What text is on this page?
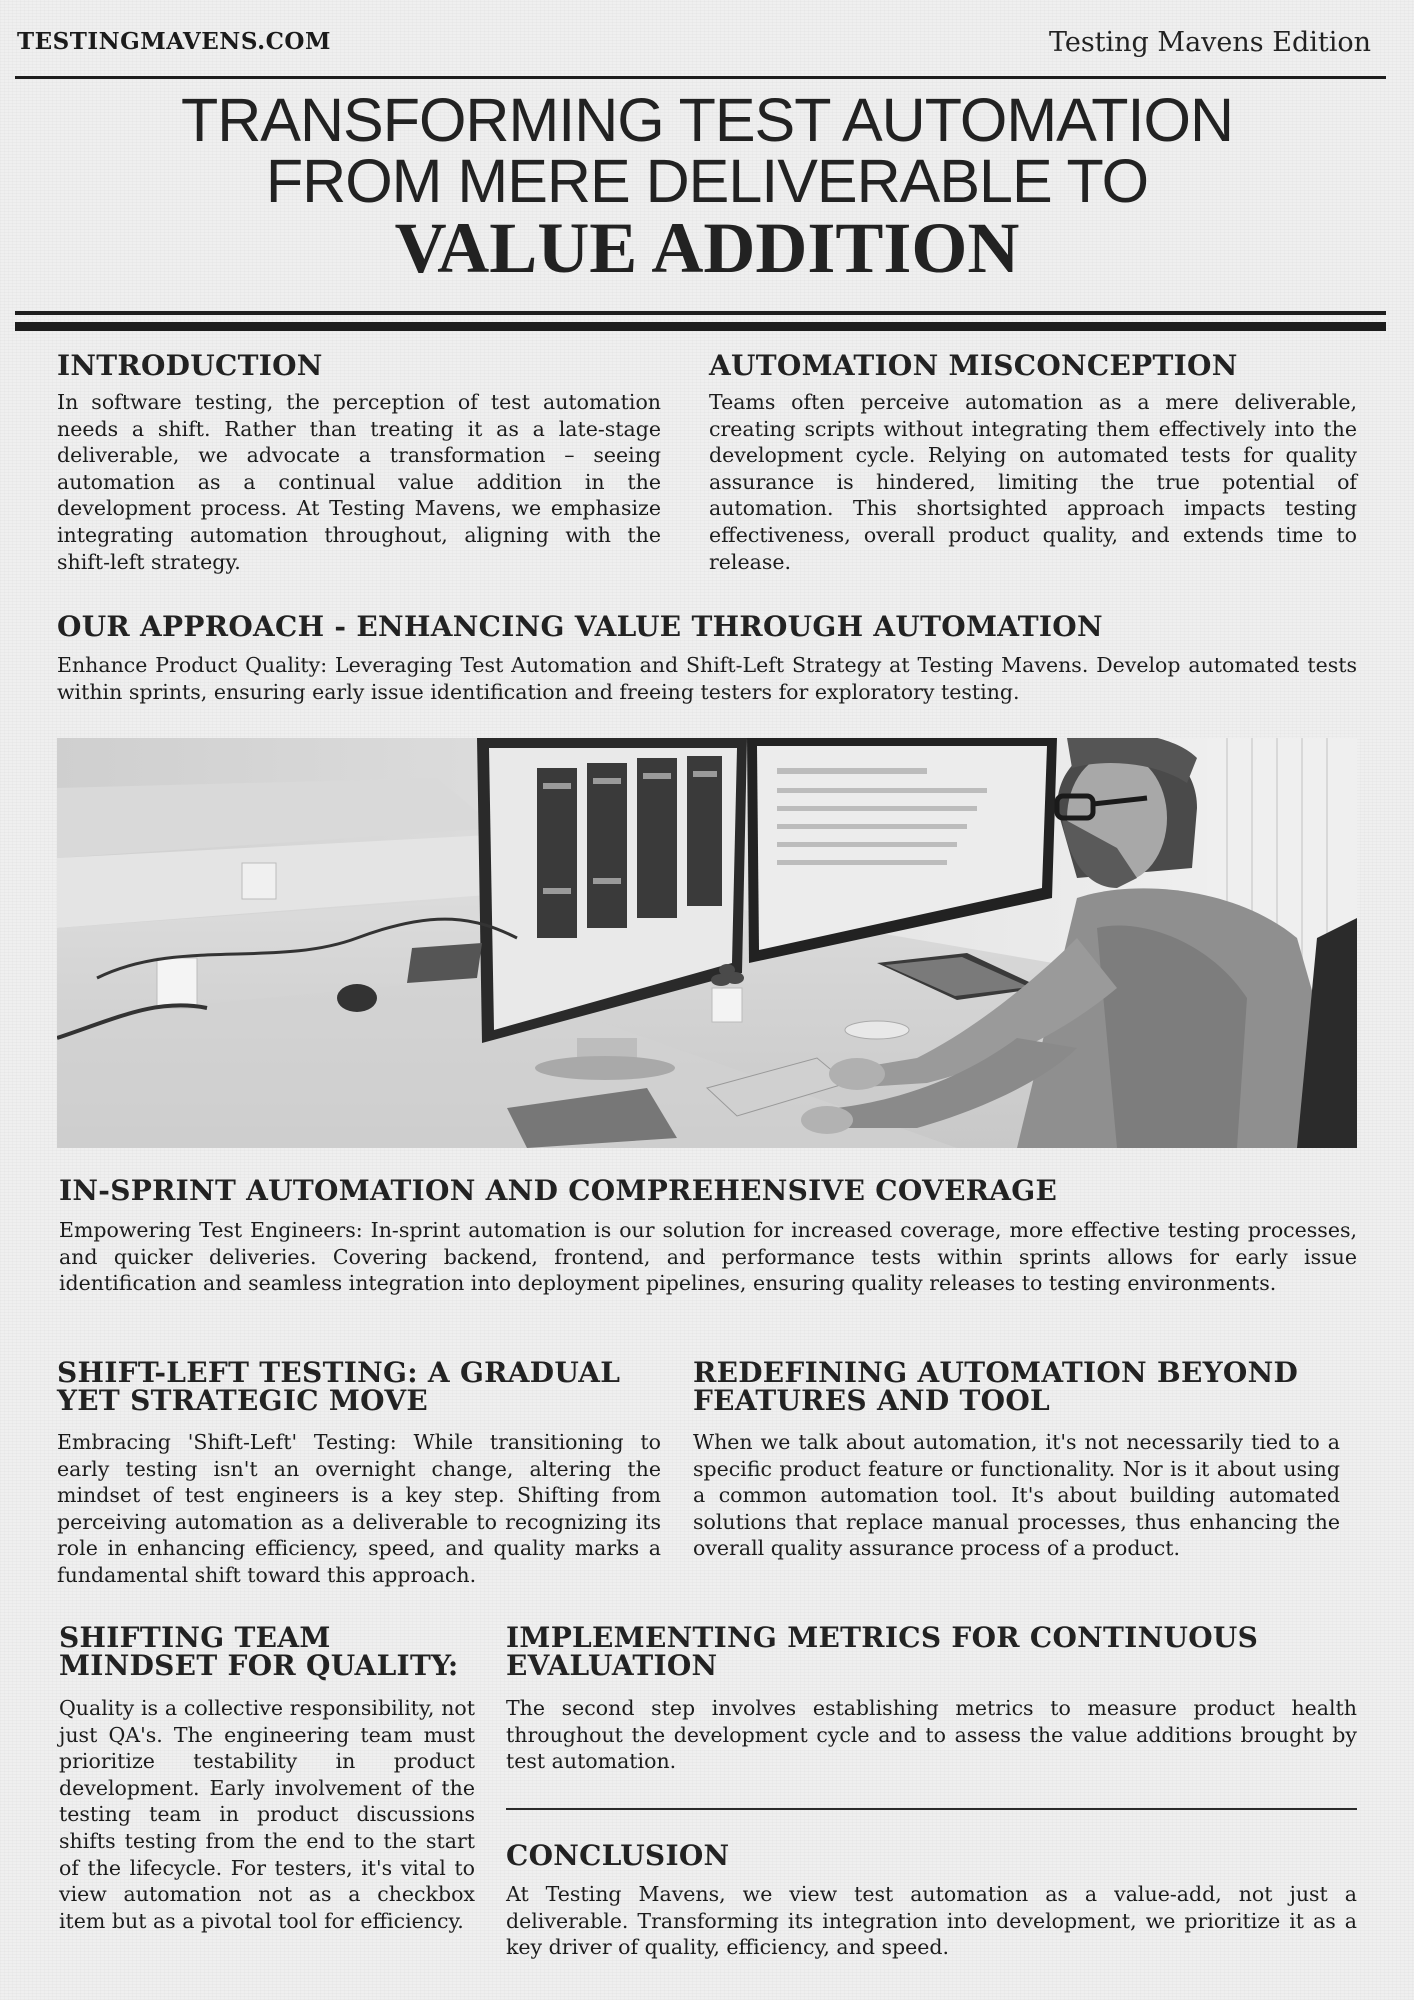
TESTINGMAVENS.COM	Testing Mavens Edition
TRANSFORMING TEST AUTOMATION
FROM MERE DELIVERABLE TO
VALUE ADDITION
INTRODUCTION

In software testing, the perception of test automation needs a shift. Rather than treating it as a late-stage deliverable, we advocate a transformation – seeing automation as a continual value addition in the development process. At Testing Mavens, we emphasize integrating automation throughout, aligning with the shift-left strategy.

AUTOMATION MISCONCEPTION

Teams often perceive automation as a mere deliverable, creating scripts without integrating them effectively into the development cycle. Relying on automated tests for quality assurance is hindered, limiting the true potential of automation. This shortsighted approach impacts testing effectiveness, overall product quality, and extends time to release.

OUR APPROACH - ENHANCING VALUE THROUGH AUTOMATION

Enhance Product Quality: Leveraging Test Automation and Shift-Left Strategy at Testing Mavens. Develop automated tests within sprints, ensuring early issue identification and freeing testers for exploratory testing.

IN-SPRINT AUTOMATION AND COMPREHENSIVE COVERAGE

Empowering Test Engineers: In-sprint automation is our solution for increased coverage, more effective testing processes, and quicker deliveries. Covering backend, frontend, and performance tests within sprints allows for early issue identification and seamless integration into deployment pipelines, ensuring quality releases to testing environments.

SHIFT-LEFT TESTING: A GRADUAL
YET STRATEGIC MOVE

Embracing 'Shift-Left' Testing: While transitioning to early testing isn't an overnight change, altering the mindset of test engineers is a key step. Shifting from perceiving automation as a deliverable to recognizing its role in enhancing efficiency, speed, and quality marks a fundamental shift toward this approach.

REDEFINING AUTOMATION BEYOND
FEATURES AND TOOL

When we talk about automation, it's not necessarily tied to a specific product feature or functionality. Nor is it about using a common automation tool. It's about building automated solutions that replace manual processes, thus enhancing the overall quality assurance process of a product.

SHIFTING TEAM
MINDSET FOR QUALITY:

Quality is a collective responsibility, not just QA's. The engineering team must prioritize testability in product development. Early involvement of the testing team in product discussions shifts testing from the end to the start of the lifecycle. For testers, it's vital to view automation not as a checkbox item but as a pivotal tool for efficiency.

IMPLEMENTING METRICS FOR CONTINUOUS
EVALUATION

The second step involves establishing metrics to measure product health throughout the development cycle and to assess the value additions brought by test automation.

CONCLUSION

At Testing Mavens, we view test automation as a value-add, not just a deliverable. Transforming its integration into development, we prioritize it as a key driver of quality, efficiency, and speed.
